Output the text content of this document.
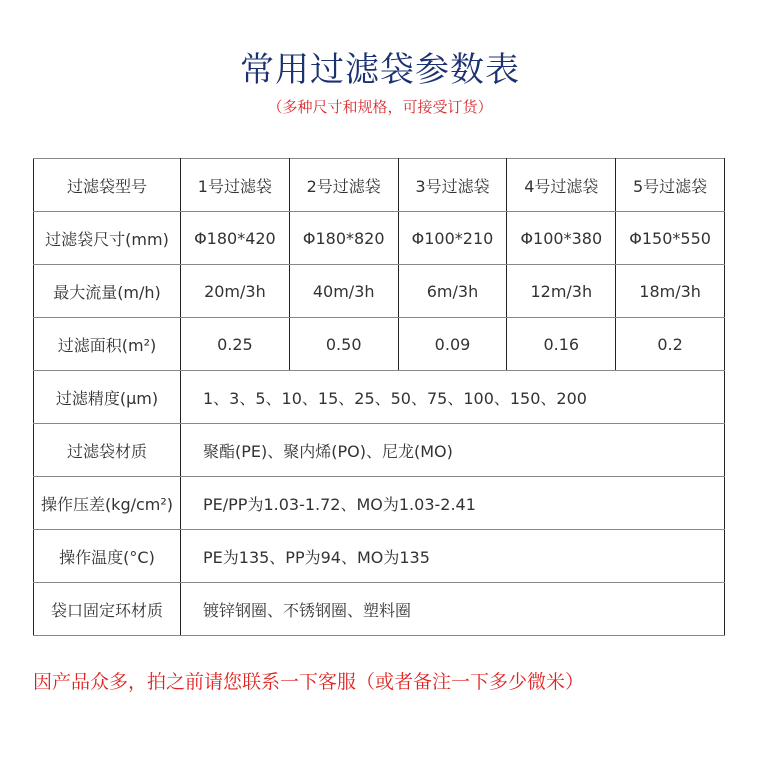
常用过滤袋参数表
（多种尺寸和规格，可接受订货）
过滤袋型号	1号过滤袋	2号过滤袋	3号过滤袋	4号过滤袋	5号过滤袋
过滤袋尺寸(mm)	Φ180*420	Φ180*820	Φ100*210	Φ100*380	Φ150*550
最大流量(m/h)	20m/3h	40m/3h	6m/3h	12m/3h	18m/3h
过滤面积(m²)	0.25	0.50	0.09	0.16	0.2
过滤精度(µm)	1、3、5、10、15、25、50、75、100、150、200				
过滤袋材质	聚酯(PE)、聚内烯(PO)、尼龙(MO)				
操作压差(kg/cm²)	PE/PP为1.03-1.72、MO为1.03-2.41				
操作温度(°C)	PE为135、PP为94、MO为135				
袋口固定环材质	镀锌钢圈、不锈钢圈、塑料圈				
因产品众多，拍之前请您联系一下客服（或者备注一下多少微米）
